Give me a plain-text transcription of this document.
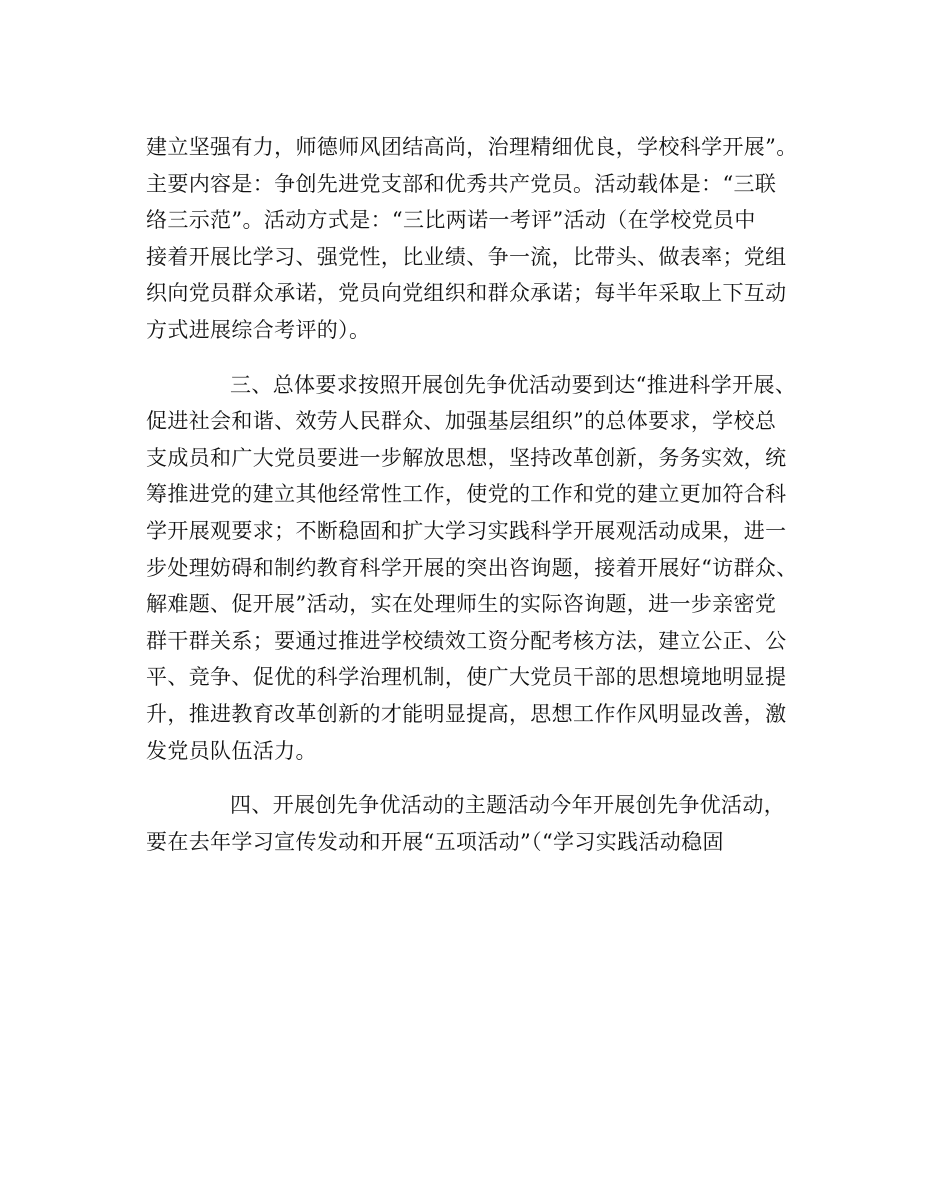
建立坚强有力，师德师风团结高尚，治理精细优良，学校科学开展”。
主要内容是：争创先进党支部和优秀共产党员。活动载体是：“三联
络三示范”。活动方式是：“三比两诺一考评”活动（在学校党员中
接着开展比学习、强党性，比业绩、争一流，比带头、做表率；党组
织向党员群众承诺，党员向党组织和群众承诺；每半年采取上下互动
方式进展综合考评的）。
三、总体要求按照开展创先争优活动要到达“推进科学开展、
促进社会和谐、效劳人民群众、加强基层组织”的总体要求，学校总
支成员和广大党员要进一步解放思想，坚持改革创新，务务实效，统
筹推进党的建立其他经常性工作，使党的工作和党的建立更加符合科
学开展观要求；不断稳固和扩大学习实践科学开展观活动成果，进一
步处理妨碍和制约教育科学开展的突出咨询题，接着开展好“访群众、
解难题、促开展”活动，实在处理师生的实际咨询题，进一步亲密党
群干群关系；要通过推进学校绩效工资分配考核方法，建立公正、公
平、竞争、促优的科学治理机制，使广大党员干部的思想境地明显提
升，推进教育改革创新的才能明显提高，思想工作作风明显改善，激
发党员队伍活力。
四、开展创先争优活动的主题活动今年开展创先争优活动，
要在去年学习宣传发动和开展“五项活动”（“学习实践活动稳固
